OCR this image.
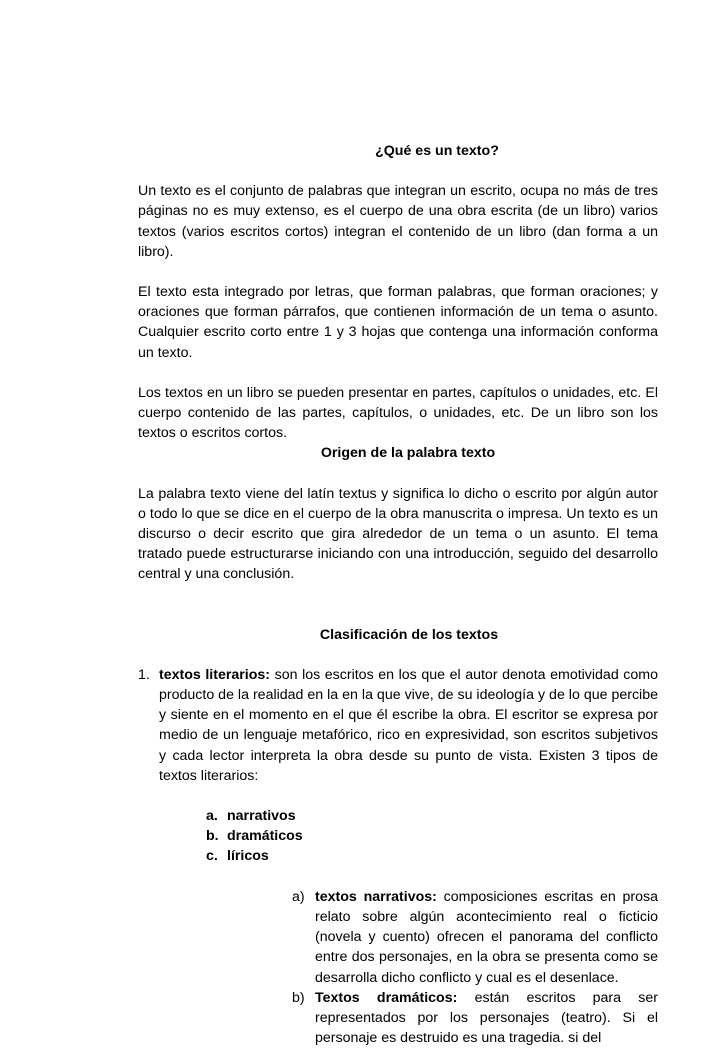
¿Qué es un texto?

Un texto es el conjunto de palabras que integran un escrito, ocupa no más de tres páginas no es muy extenso, es el cuerpo de una obra escrita (de un libro) varios textos (varios escritos cortos) integran el contenido de un libro (dan forma a un libro).

El texto esta integrado por letras, que forman palabras, que forman oraciones; y oraciones que forman párrafos, que contienen información de un tema o asunto. Cualquier escrito corto entre 1 y 3 hojas que contenga una información conforma un texto.

Los textos en un libro se pueden presentar en partes, capítulos o unidades, etc. El cuerpo contenido de las partes, capítulos, o unidades, etc. De un libro son los textos o escritos cortos.

Origen de la palabra texto

La palabra texto viene del latín textus y significa lo dicho o escrito por algún autor o todo lo que se dice en el cuerpo de la obra manuscrita o impresa. Un texto es un discurso o decir escrito que gira alrededor de un tema o un asunto. El tema tratado puede estructurarse iniciando con una introducción, seguido del desarrollo central y una conclusión.

Clasificación de los textos
1. textos literarios: son los escritos en los que el autor denota emotividad como producto de la realidad en la en la que vive, de su ideología y de lo que percibe y siente en el momento en el que él escribe la obra. El escritor se expresa por medio de un lenguaje metafórico, rico en expresividad, son escritos subjetivos y cada lector interpreta la obra desde su punto de vista. Existen 3 tipos de textos literarios:
a. narrativos
b. dramáticos
c. líricos
a) textos narrativos: composiciones escritas en prosa relato sobre algún acontecimiento real o ficticio (novela y cuento) ofrecen el panorama del conflicto entre dos personajes, en la obra se presenta como se desarrolla dicho conflicto y cual es el desenlace.
b) Textos dramáticos: están escritos para ser representados por los personajes (teatro). Si el personaje es destruido es una tragedia. si del
